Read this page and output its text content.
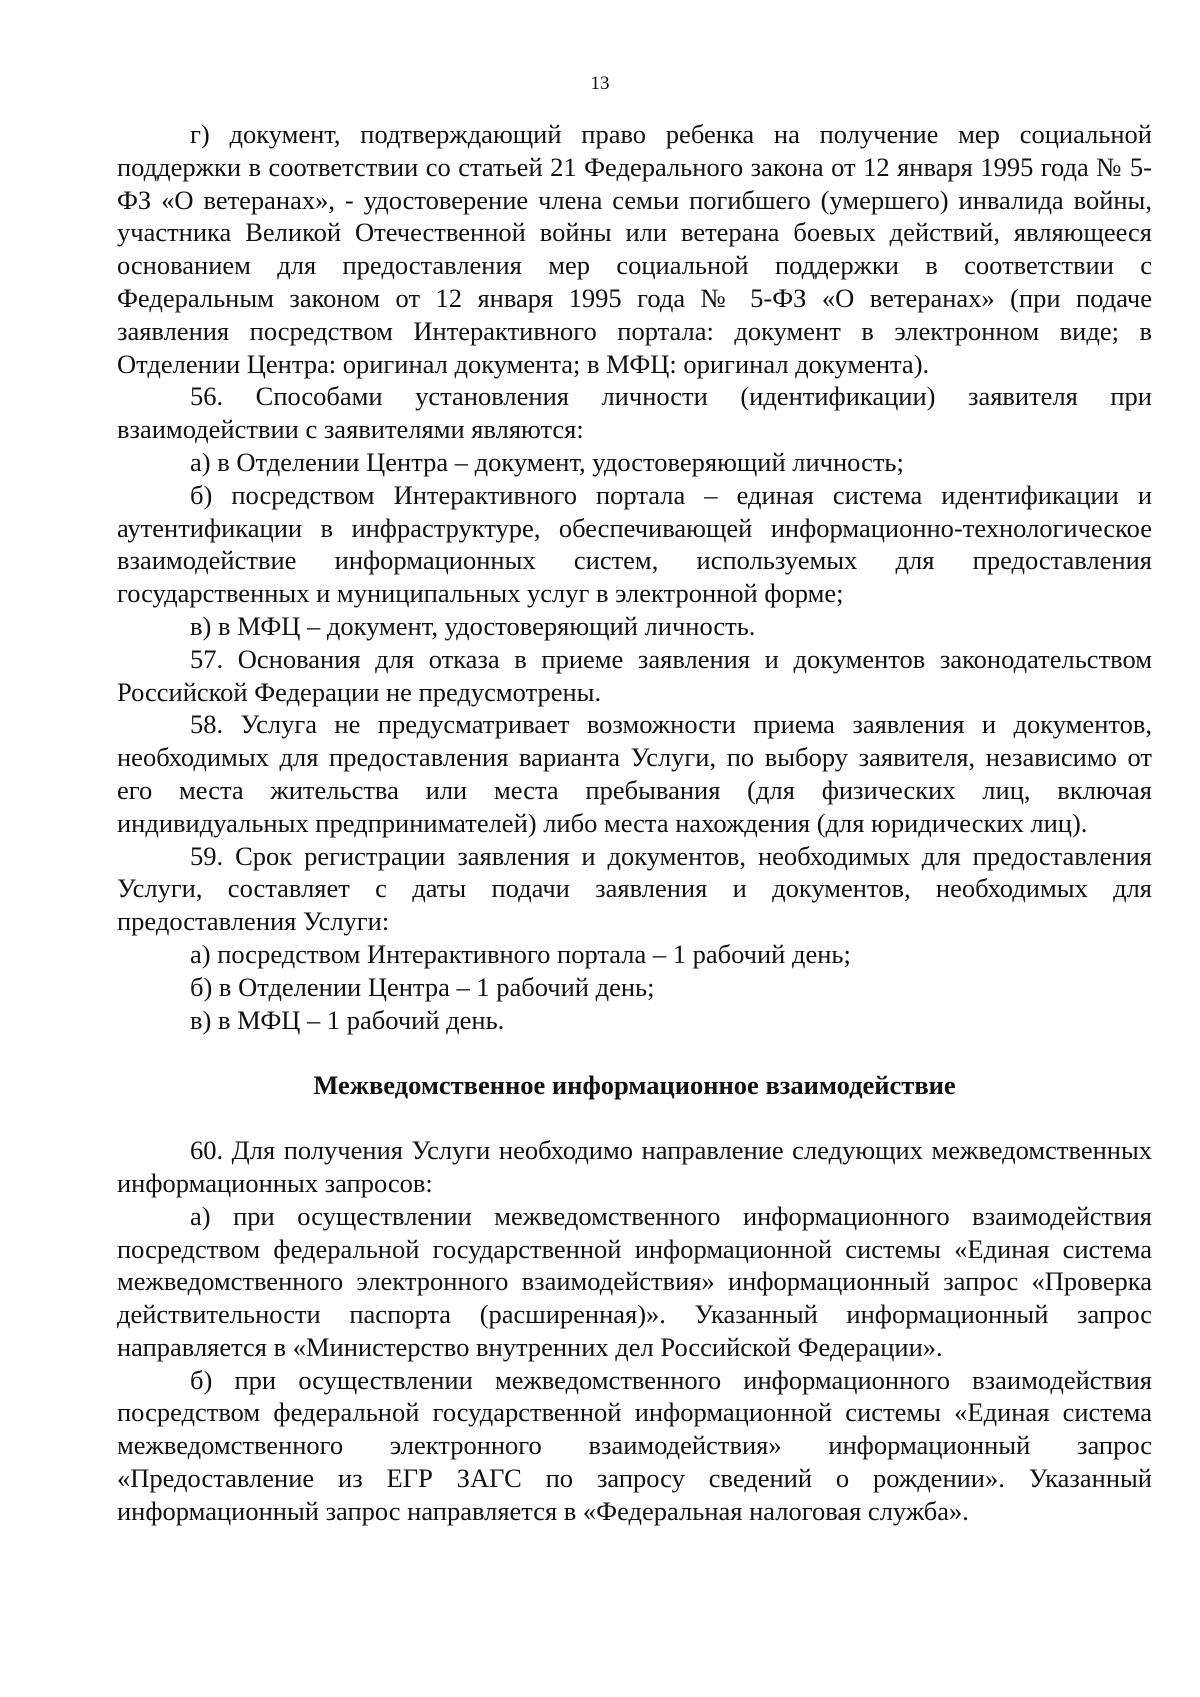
13

г) документ, подтверждающий право ребенка на получение мер социальной поддержки в соответствии со статьей 21 Федерального закона от 12 января 1995 года № 5-ФЗ «О ветеранах», - удостоверение члена семьи погибшего (умершего) инвалида войны, участника Великой Отечественной войны или ветерана боевых действий, являющееся основанием для предоставления мер социальной поддержки в соответствии с Федеральным законом от 12 января 1995 года № 5-ФЗ «О ветеранах» (при подаче заявления посредством Интерактивного портала: документ в электронном виде; в Отделении Центра: оригинал документа; в МФЦ: оригинал документа).

56. Способами установления личности (идентификации) заявителя при взаимодействии с заявителями являются:

а) в Отделении Центра – документ, удостоверяющий личность;

б) посредством Интерактивного портала – единая система идентификации и аутентификации в инфраструктуре, обеспечивающей информационно-технологическое взаимодействие информационных систем, используемых для предоставления государственных и муниципальных услуг в электронной форме;

в) в МФЦ – документ, удостоверяющий личность.

57. Основания для отказа в приеме заявления и документов законодательством Российской Федерации не предусмотрены.

58. Услуга не предусматривает возможности приема заявления и документов, необходимых для предоставления варианта Услуги, по выбору заявителя, независимо от его места жительства или места пребывания (для физических лиц, включая индивидуальных предпринимателей) либо места нахождения (для юридических лиц).

59. Срок регистрации заявления и документов, необходимых для предоставления Услуги, составляет с даты подачи заявления и документов, необходимых для предоставления Услуги:

а) посредством Интерактивного портала – 1 рабочий день;

б) в Отделении Центра – 1 рабочий день;

в) в МФЦ – 1 рабочий день.

Межведомственное информационное взаимодействие

60. Для получения Услуги необходимо направление следующих межведомственных информационных запросов:

а) при осуществлении межведомственного информационного взаимодействия посредством федеральной государственной информационной системы «Единая система межведомственного электронного взаимодействия» информационный запрос «Проверка действительности паспорта (расширенная)». Указанный информационный запрос направляется в «Министерство внутренних дел Российской Федерации».

б) при осуществлении межведомственного информационного взаимодействия посредством федеральной государственной информационной системы «Единая система межведомственного электронного взаимодействия» информационный запрос «Предоставление из ЕГР ЗАГС по запросу сведений о рождении». Указанный информационный запрос направляется в «Федеральная налоговая служба».
